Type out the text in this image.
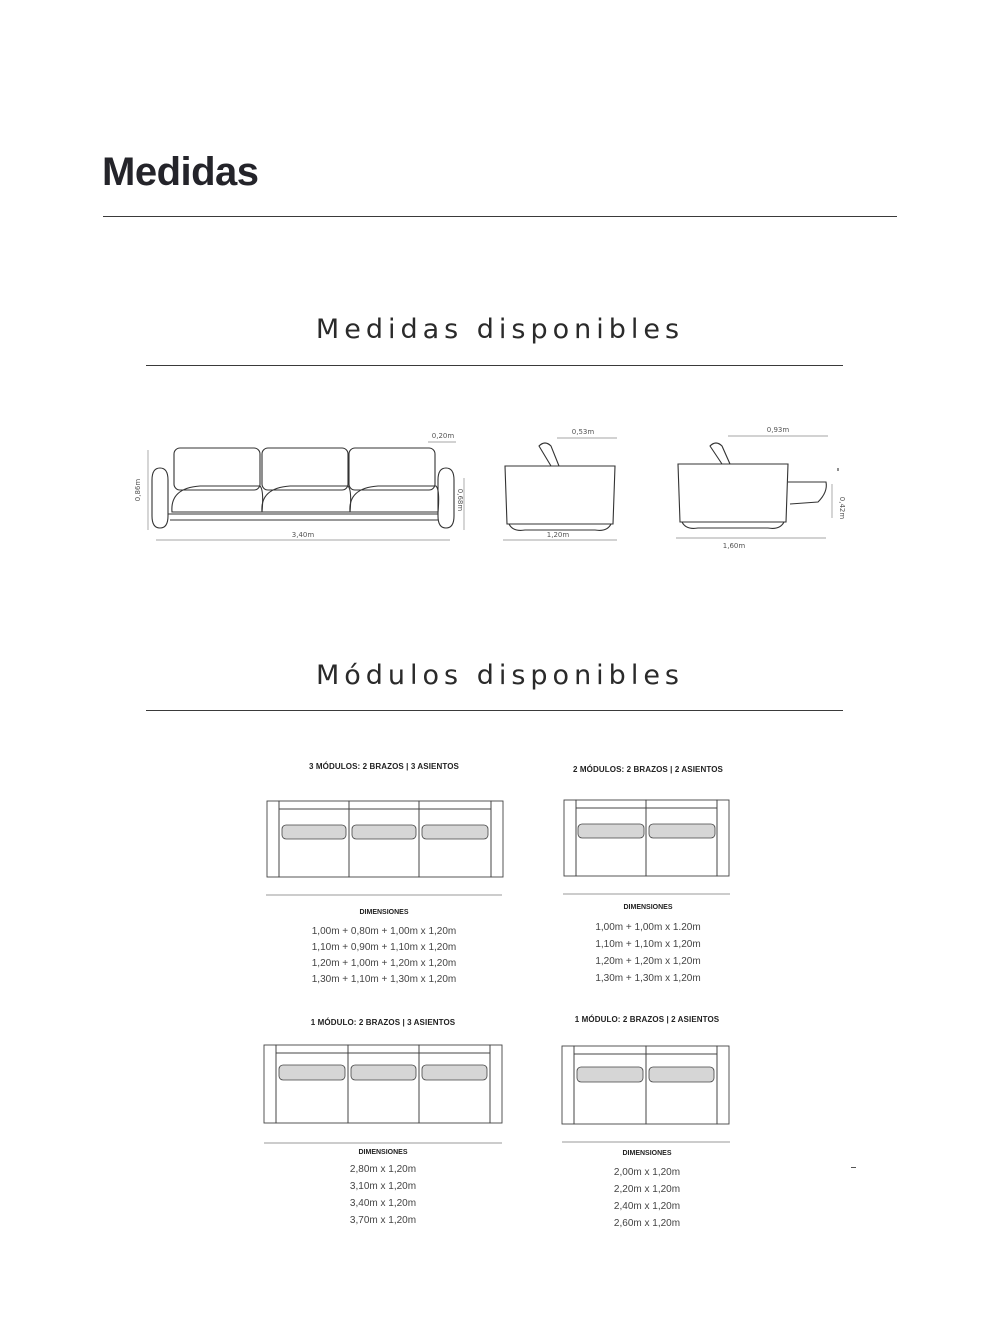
Medidas
Medidas disponibles
0,86m
0,20m
0,68m
3,40m
0,53m
1,20m
0,93m
0,42m
1,60m
Módulos disponibles
3 MÓDULOS: 2 BRAZOS | 3 ASIENTOS
DIMENSIONES
1,00m + 0,80m + 1,00m x 1,20m
1,10m + 0,90m + 1,10m x 1,20m
1,20m + 1,00m + 1,20m x 1,20m
1,30m + 1,10m + 1,30m x 1,20m
2 MÓDULOS: 2 BRAZOS | 2 ASIENTOS
DIMENSIONES
1,00m + 1,00m x 1.20m
1,10m + 1,10m x 1,20m
1,20m + 1,20m x 1,20m
1,30m + 1,30m x 1,20m
1 MÓDULO: 2 BRAZOS | 3 ASIENTOS
DIMENSIONES
2,80m x 1,20m
3,10m x 1,20m
3,40m x 1,20m
3,70m x 1,20m
1 MÓDULO: 2 BRAZOS | 2 ASIENTOS
DIMENSIONES
2,00m x 1,20m
2,20m x 1,20m
2,40m x 1,20m
2,60m x 1,20m
